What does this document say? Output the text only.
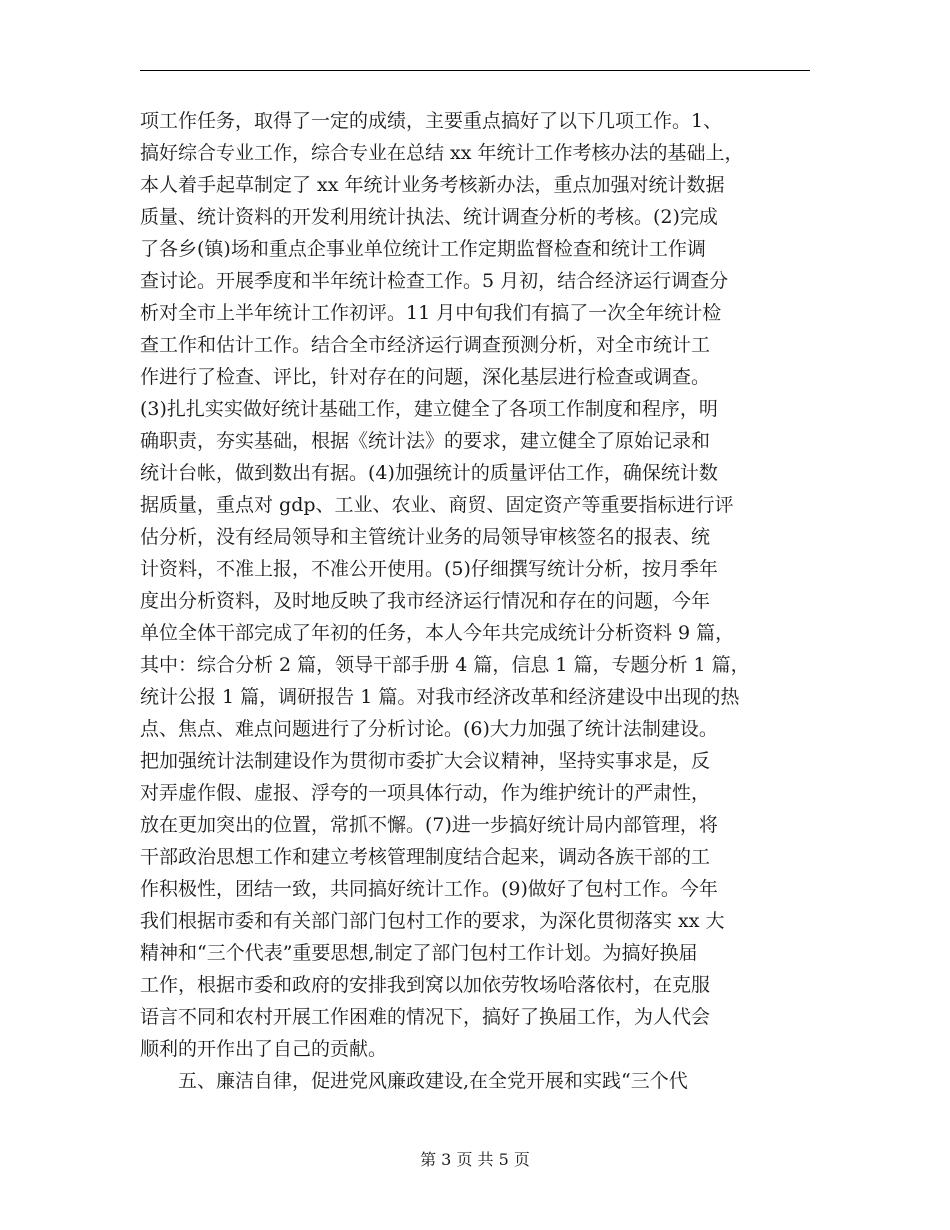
项工作任务，取得了一定的成绩，主要重点搞好了以下几项工作。1、
搞好综合专业工作，综合专业在总结 xx 年统计工作考核办法的基础上，
本人着手起草制定了 xx 年统计业务考核新办法，重点加强对统计数据
质量、统计资料的开发利用统计执法、统计调查分析的考核。(2)完成
了各乡(镇)场和重点企事业单位统计工作定期监督检查和统计工作调
查讨论。开展季度和半年统计检查工作。5 月初，结合经济运行调查分
析对全市上半年统计工作初评。11 月中旬我们有搞了一次全年统计检
查工作和估计工作。结合全市经济运行调查预测分析，对全市统计工
作进行了检查、评比，针对存在的问题，深化基层进行检查或调查。
(3)扎扎实实做好统计基础工作，建立健全了各项工作制度和程序，明
确职责，夯实基础，根据《统计法》的要求，建立健全了原始记录和
统计台帐，做到数出有据。(4)加强统计的质量评估工作，确保统计数
据质量，重点对 gdp、工业、农业、商贸、固定资产等重要指标进行评
估分析，没有经局领导和主管统计业务的局领导审核签名的报表、统
计资料，不准上报，不准公开使用。(5)仔细撰写统计分析，按月季年
度出分析资料，及时地反映了我市经济运行情况和存在的问题，今年
单位全体干部完成了年初的任务，本人今年共完成统计分析资料 9 篇，
其中：综合分析 2 篇，领导干部手册 4 篇，信息 1 篇，专题分析 1 篇，
统计公报 1 篇，调研报告 1 篇。对我市经济改革和经济建设中出现的热
点、焦点、难点问题进行了分析讨论。(6)大力加强了统计法制建设。
把加强统计法制建设作为贯彻市委扩大会议精神，坚持实事求是，反
对弄虚作假、虚报、浮夸的一项具体行动，作为维护统计的严肃性，
放在更加突出的位置，常抓不懈。(7)进一步搞好统计局内部管理，将
干部政治思想工作和建立考核管理制度结合起来，调动各族干部的工
作积极性，团结一致，共同搞好统计工作。(9)做好了包村工作。今年
我们根据市委和有关部门部门包村工作的要求，为深化贯彻落实 xx 大
精神和“三个代表”重要思想,制定了部门包村工作计划。为搞好换届
工作，根据市委和政府的安排我到窝以加依劳牧场哈落依村，在克服
语言不同和农村开展工作困难的情况下，搞好了换届工作，为人代会
顺利的开作出了自己的贡献。
　　五、廉洁自律，促进党风廉政建设,在全党开展和实践“三个代
第 3 页 共 5 页
